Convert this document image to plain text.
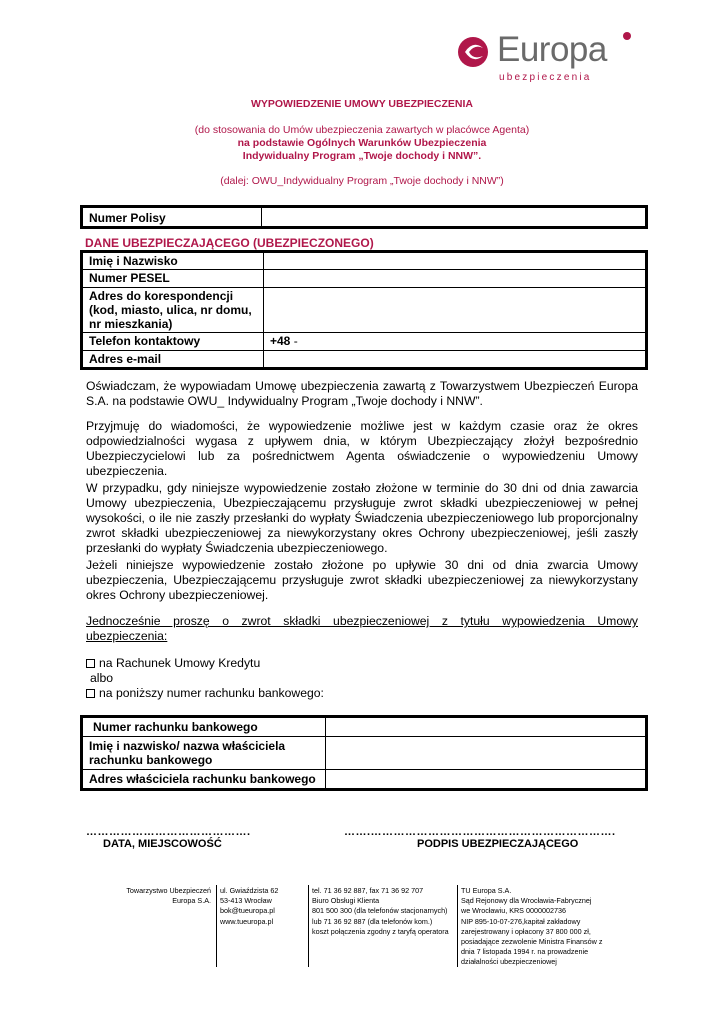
Europa
ubezpieczenia
WYPOWIEDZENIE UMOWY UBEZPIECZENIA
(do stosowania do Umów ubezpieczenia zawartych w placówce Agenta)
na podstawie Ogólnych Warunków Ubezpieczenia
Indywidualny Program „Twoje dochody i NNW”.
(dalej: OWU_Indywidualny Program „Twoje dochody i NNW”)
Numer Polisy	
DANE UBEZPIECZAJĄCEGO (UBEZPIECZONEGO)
Imię i Nazwisko	
Numer PESEL	
Adres do korespondencji (kod, miasto, ulica, nr domu, nr mieszkania)	
Telefon kontaktowy	+48 -
Adres e-mail	

Oświadczam, że wypowiadam Umowę ubezpieczenia zawartą z Towarzystwem Ubezpieczeń Europa S.A. na podstawie OWU_ Indywidualny Program „Twoje dochody i NNW”.

Przyjmuję do wiadomości, że wypowiedzenie możliwe jest w każdym czasie oraz że okres odpowiedzialności wygasa z upływem dnia, w którym Ubezpieczający złożył bezpośrednio Ubezpieczycielowi lub za pośrednictwem Agenta oświadczenie o wypowiedzeniu Umowy ubezpieczenia.

W przypadku, gdy niniejsze wypowiedzenie zostało złożone w terminie do 30 dni od dnia zawarcia Umowy ubezpieczenia, Ubezpieczającemu przysługuje zwrot składki ubezpieczeniowej w pełnej wysokości, o ile nie zaszły przesłanki do wypłaty Świadczenia ubezpieczeniowego lub proporcjonalny zwrot składki ubezpieczeniowej za niewykorzystany okres Ochrony ubezpieczeniowej, jeśli zaszły przesłanki do wypłaty Świadczenia ubezpieczeniowego.

Jeżeli niniejsze wypowiedzenie zostało złożone po upływie 30 dni od dnia zwarcia Umowy ubezpieczenia, Ubezpieczającemu przysługuje zwrot składki ubezpieczeniowej za niewykorzystany okres Ochrony ubezpieczeniowej.

Jednocześnie proszę o zwrot składki ubezpieczeniowej z tytułu wypowiedzenia Umowy ubezpieczenia:

na Rachunek Umowy Kredytu
albo
na poniższy numer rachunku bankowego:
Numer rachunku bankowego	
Imię i nazwisko/ nazwa właściciela rachunku bankowego	
Adres właściciela rachunku bankowego	
…………………………………….
DATA, MIEJSCOWOŚĆ
…….……………………………………………………….
PODPIS UBEZPIECZAJĄCEGO
Towarzystwo Ubezpieczeń
Europa S.A.
ul. Gwiaździsta 62
53-413 Wrocław
bok@tueuropa.pl
www.tueuropa.pl
tel. 71 36 92 887, fax 71 36 92 707
Biuro Obsługi Klienta
801 500 300 (dla telefonów stacjonarnych)
lub 71 36 92 887 (dla telefonów kom.)
koszt połączenia zgodny z taryfą operatora
TU Europa S.A.
Sąd Rejonowy dla Wrocławia-Fabrycznej
we Wrocławiu, KRS 0000002736
NIP 895-10-07-276,kapitał zakładowy
zarejestrowany i opłacony 37 800 000 zł,
posiadające zezwolenie Ministra Finansów z
dnia 7 listopada 1994 r. na prowadzenie
działalności ubezpieczeniowej
